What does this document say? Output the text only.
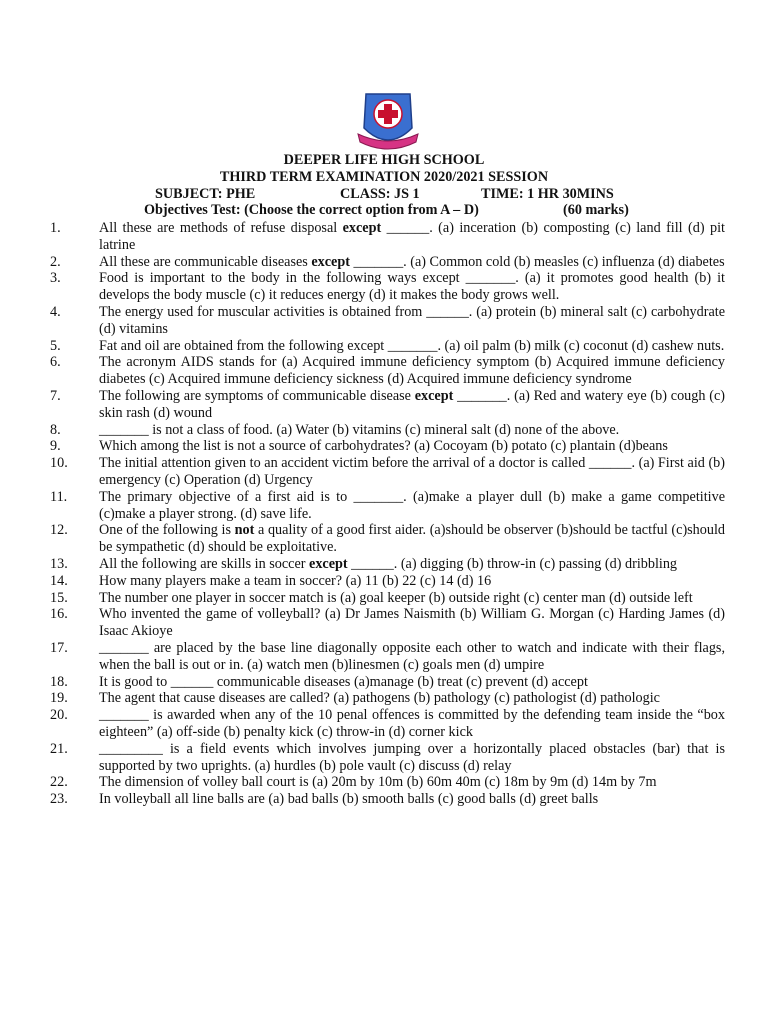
DEEPER LIFE HIGH SCHOOL
THIRD TERM EXAMINATION 2020/2021 SESSION
SUBJECT: PHE	CLASS: JS 1	TIME: 1 HR 30MINS
Objectives Test: (Choose the correct option from A – D)	(60 marks)
1.	All these are methods of refuse disposal except ______. (a) inceration (b) composting (c) land fill (d) pit latrine
2.	All these are communicable diseases except _______. (a) Common cold (b) measles (c) influenza (d) diabetes
3.	Food is important to the body in the following ways except _______. (a) it promotes good health (b) it develops the body muscle (c) it reduces energy (d) it makes the body grows well.
4.	The energy used for muscular activities is obtained from ______. (a) protein (b) mineral salt (c) carbohydrate (d) vitamins
5.	Fat and oil are obtained from the following except _______. (a) oil palm (b) milk (c) coconut (d) cashew nuts.
6.	The acronym AIDS stands for (a) Acquired immune deficiency symptom (b) Acquired immune deficiency diabetes (c) Acquired immune deficiency sickness (d) Acquired immune deficiency syndrome
7.	The following are symptoms of communicable disease except _______. (a) Red and watery eye (b) cough (c) skin rash (d) wound
8.	_______ is not a class of food. (a) Water (b) vitamins (c) mineral salt (d) none of the above.
9.	Which among the list is not a source of carbohydrates? (a) Cocoyam (b) potato (c) plantain (d)beans
10.	The initial attention given to an accident victim before the arrival of a doctor is called ______. (a) First aid (b) emergency (c) Operation (d) Urgency
11.	The primary objective of a first aid is to _______. (a)make a player dull (b) make a game competitive (c)make a player strong. (d) save life.
12.	One of the following is not a quality of a good first aider. (a)should be observer (b)should be tactful (c)should be sympathetic (d) should be exploitative.
13.	All the following are skills in soccer except ______. (a) digging (b) throw-in (c) passing (d) dribbling
14.	How many players make a team in soccer? (a) 11 (b) 22 (c) 14 (d) 16
15.	The number one player in soccer match is (a) goal keeper (b) outside right (c) center man (d) outside left
16.	Who invented the game of volleyball? (a) Dr James Naismith (b) William G. Morgan (c) Harding James (d) Isaac Akioye
17.	_______ are placed by the base line diagonally opposite each other to watch and indicate with their flags, when the ball is out or in. (a) watch men (b)linesmen (c) goals men (d) umpire
18.	It is good to ______ communicable diseases (a)manage (b) treat (c) prevent (d) accept
19.	The agent that cause diseases are called? (a) pathogens (b) pathology (c) pathologist (d) pathologic
20.	_______ is awarded when any of the 10 penal offences is committed by the defending team inside the “box eighteen” (a) off-side (b) penalty kick (c) throw-in (d) corner kick
21.	_________ is a field events which involves jumping over a horizontally placed obstacles (bar) that is supported by two uprights. (a) hurdles (b) pole vault (c) discuss (d) relay
22.	The dimension of volley ball court is (a) 20m by 10m (b) 60m 40m (c) 18m by 9m (d) 14m by 7m
23.	In volleyball all line balls are (a) bad balls (b) smooth balls (c) good balls (d) greet balls
